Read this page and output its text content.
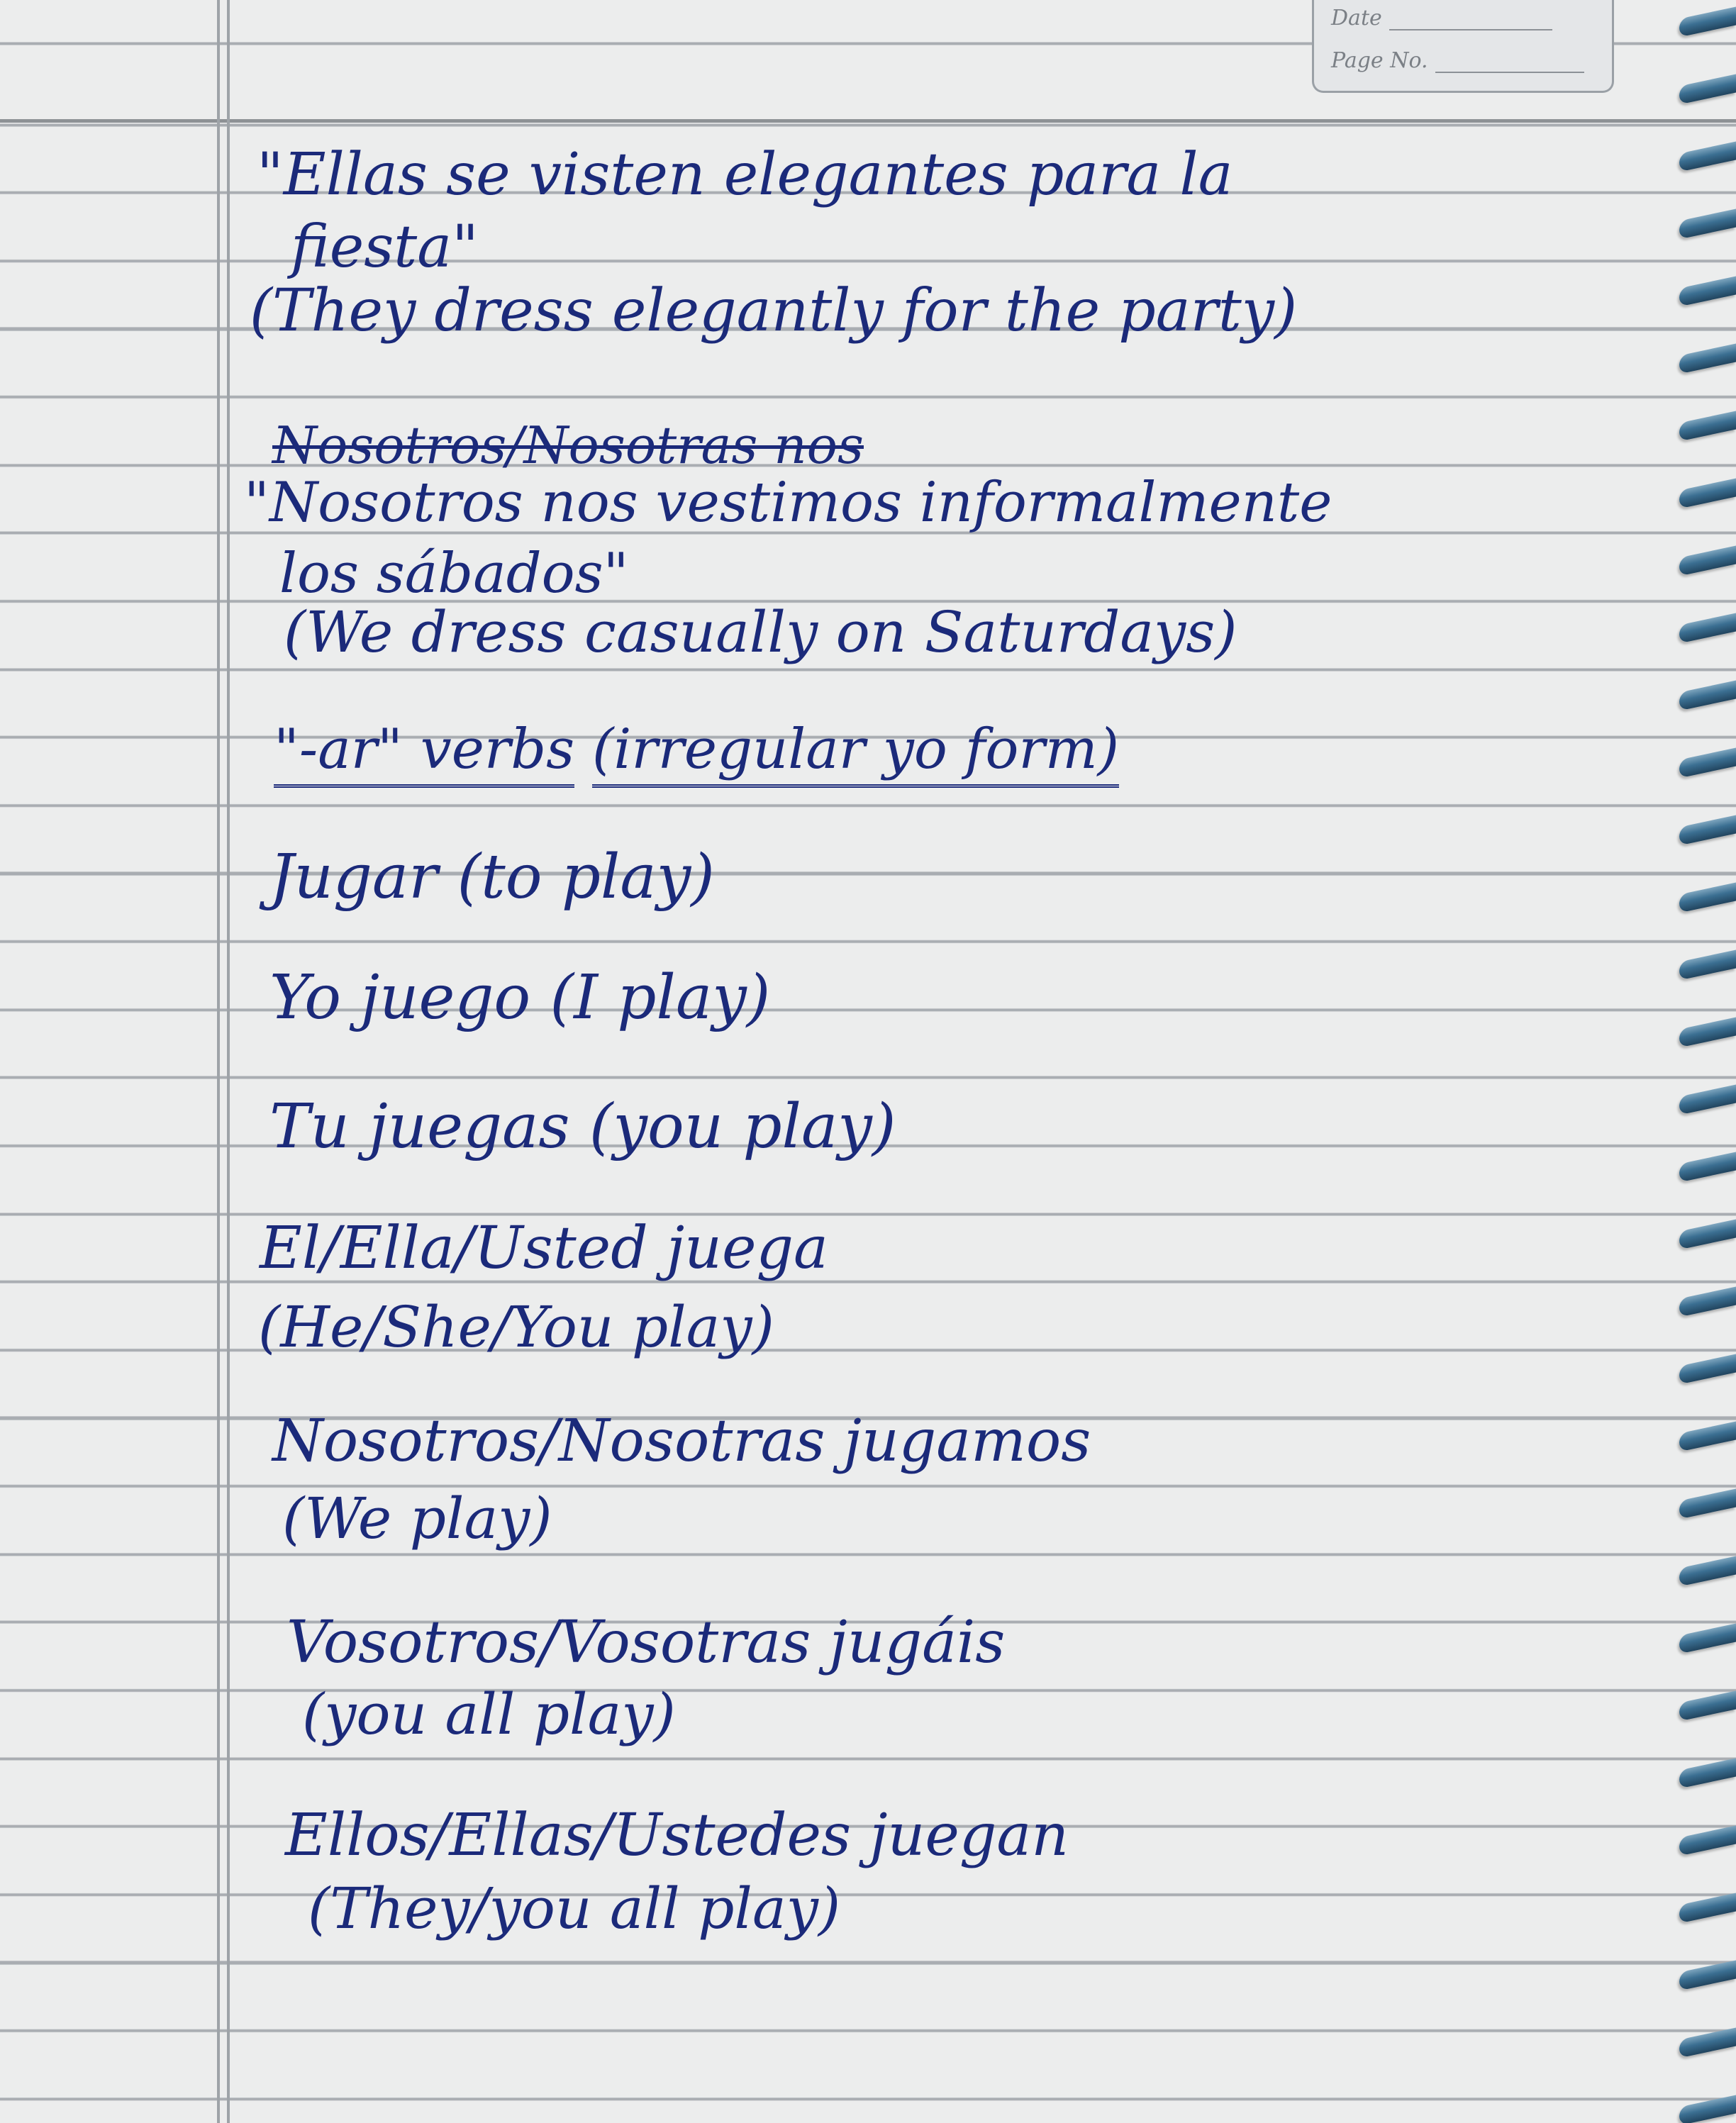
Date
Page No.

"Ellas se visten elegantes para la

fiesta"

(They dress elegantly for the party)

Nosotros/Nosotras nos

"Nosotros nos vestimos informalmente

los sábados"

(We dress casually on Saturdays)

"-ar" verbs (irregular yo form)

Jugar (to play)

Yo juego (I play)

Tu juegas (you play)

El/Ella/Usted juega

(He/She/You play)

Nosotros/Nosotras jugamos

(We play)

Vosotros/Vosotras jugáis

(you all play)

Ellos/Ellas/Ustedes juegan

(They/you all play)
